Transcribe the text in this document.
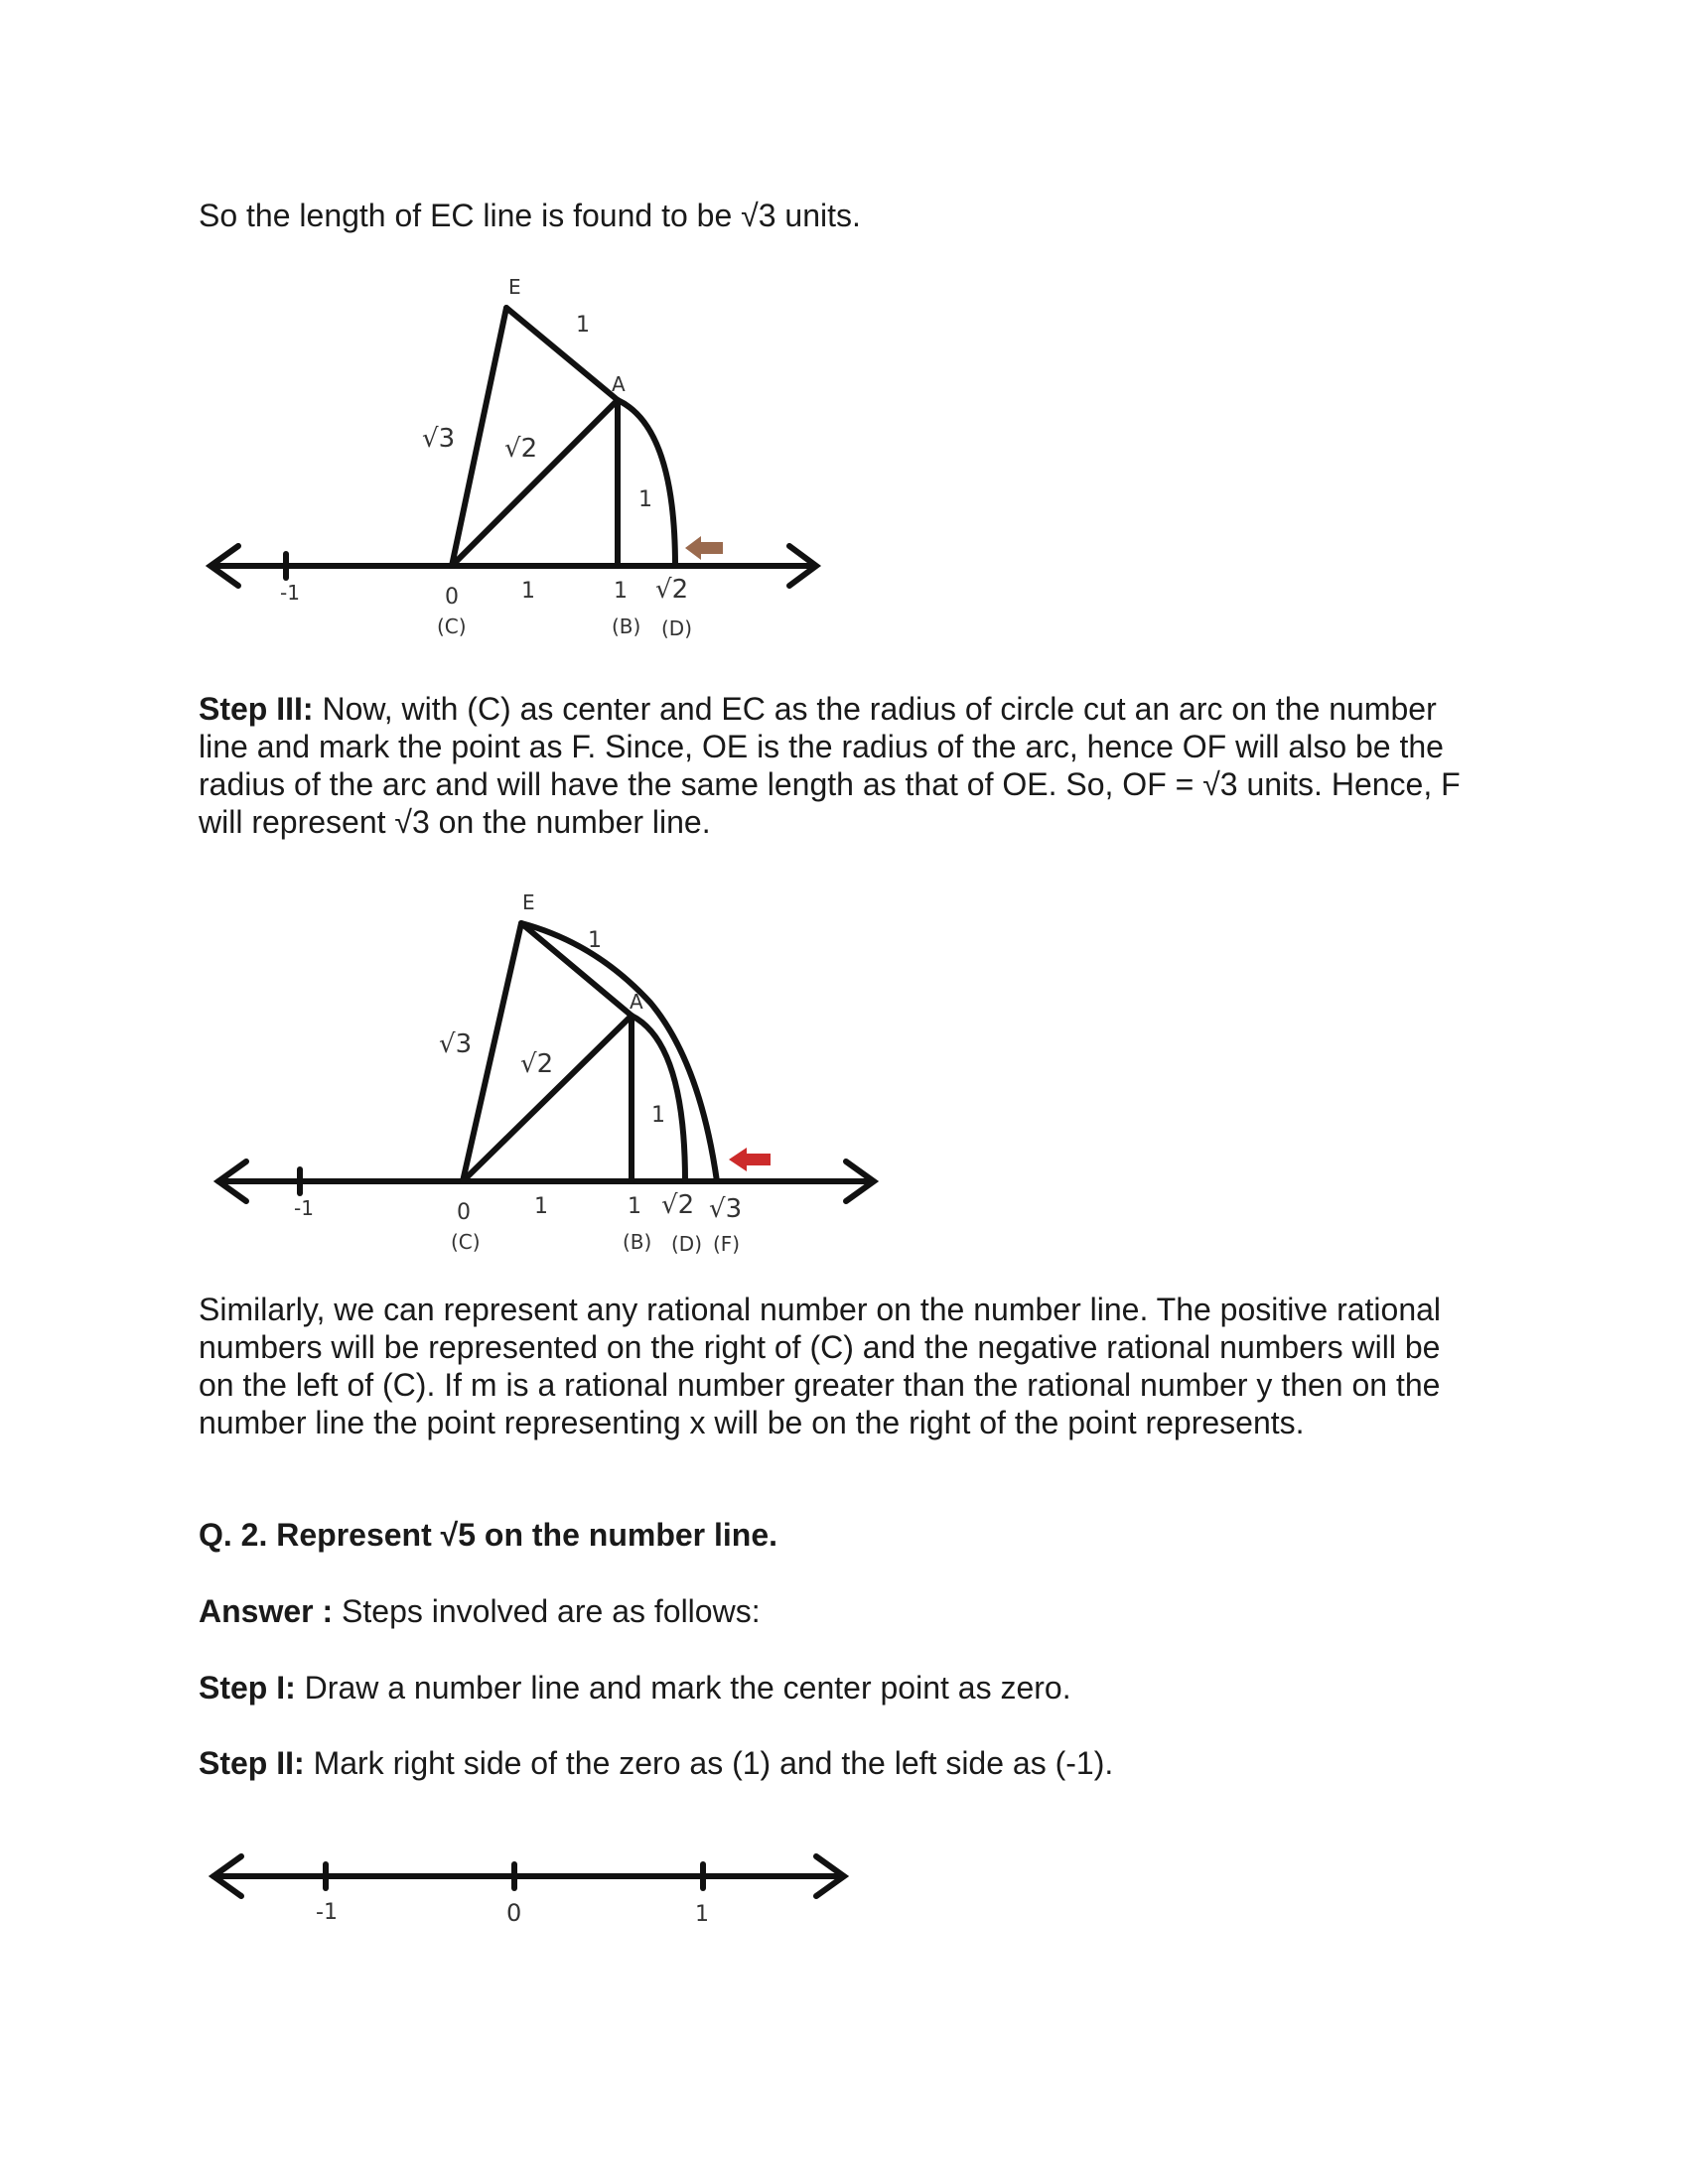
So the length of EC line is found to be √3 units.

E
1
A
√3 √2
1
-1	0	1	1 √2
(C)	(B) (D)

Step III: Now, with (C) as center and EC as the radius of circle cut an arc on the number line and mark the point as F. Since, OE is the radius of the arc, hence OF will also be the radius of the arc and will have the same length as that of OE. So, OF = √3 units. Hence, F will represent √3 on the number line.

E
1
A
√3
√2
1
-1	0	1	1 √2 √3
(C)	(B) (D) (F)

Similarly, we can represent any rational number on the number line. The positive rational numbers will be represented on the right of (C) and the negative rational numbers will be on the left of (C). If m is a rational number greater than the rational number y then on the number line the point representing x will be on the right of the point represents.

Q. 2. Represent √5 on the number line.

Answer : Steps involved are as follows:

Step I: Draw a number line and mark the center point as zero.

Step II: Mark right side of the zero as (1) and the left side as (-1).

-1	0	1
